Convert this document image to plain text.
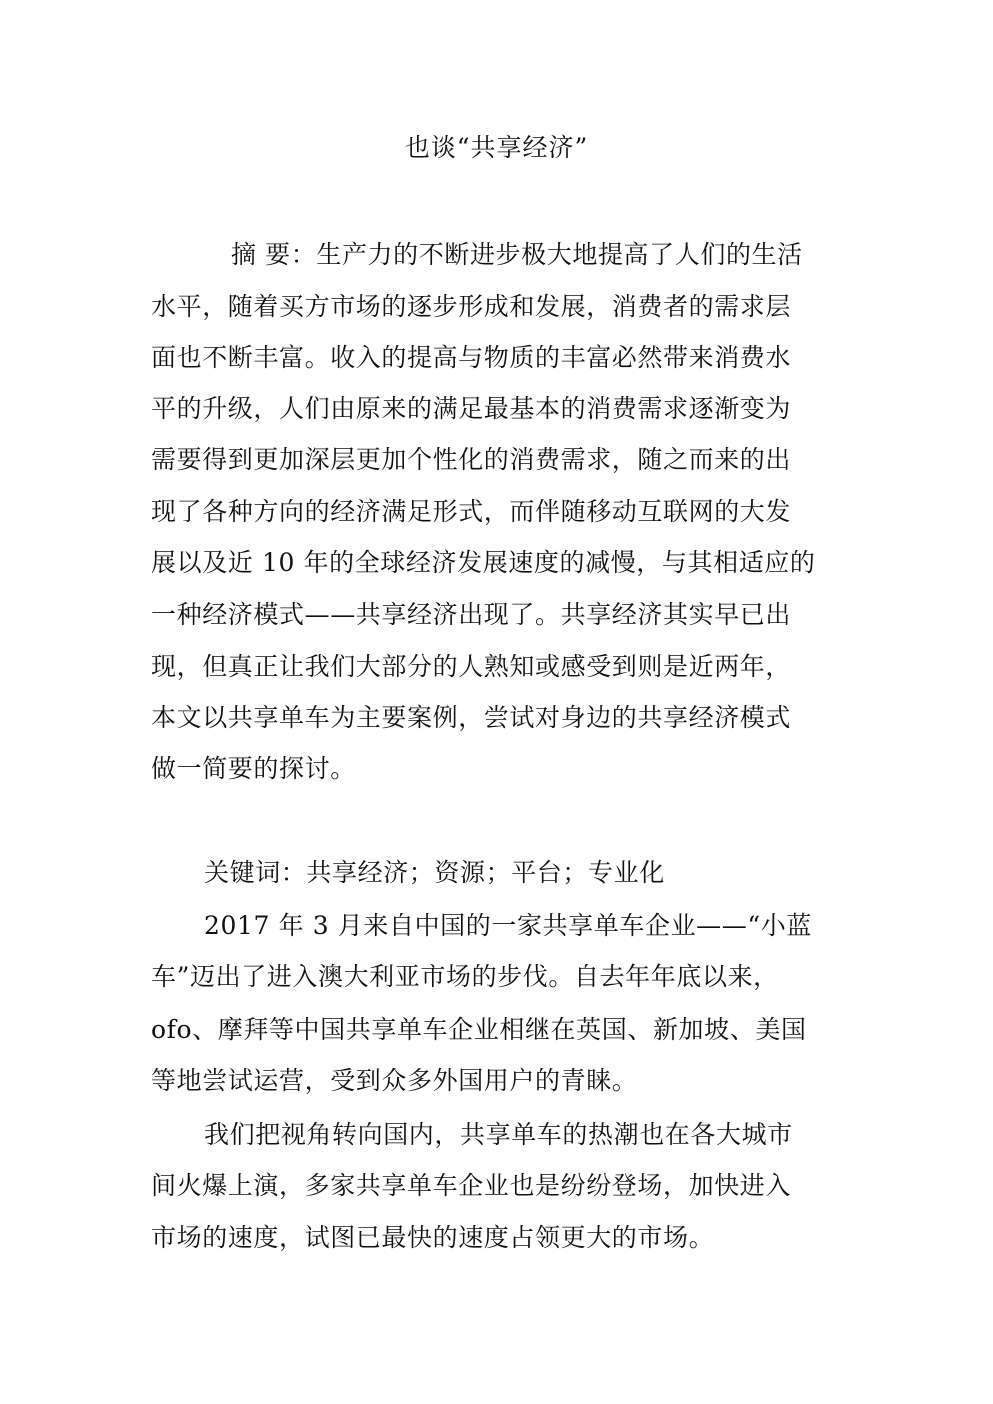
也谈“共享经济”
摘 要：生产力的不断进步极大地提高了人们的生活
水平，随着买方市场的逐步形成和发展，消费者的需求层
面也不断丰富。收入的提高与物质的丰富必然带来消费水
平的升级，人们由原来的满足最基本的消费需求逐渐变为
需要得到更加深层更加个性化的消费需求，随之而来的出
现了各种方向的经济满足形式，而伴随移动互联网的大发
展以及近 10 年的全球经济发展速度的减慢，与其相适应的
一种经济模式——共享经济出现了。共享经济其实早已出
现，但真正让我们大部分的人熟知或感受到则是近两年，
本文以共享单车为主要案例，尝试对身边的共享经济模式
做一简要的探讨。
关键词：共享经济；资源；平台；专业化
2017 年 3 月来自中国的一家共享单车企业——“小蓝
车”迈出了进入澳大利亚市场的步伐。自去年年底以来，
ofo、摩拜等中国共享单车企业相继在英国、新加坡、美国
等地尝试运营，受到众多外国用户的青睐。
我们把视角转向国内，共享单车的热潮也在各大城市
间火爆上演，多家共享单车企业也是纷纷登场，加快进入
市场的速度，试图已最快的速度占领更大的市场。
